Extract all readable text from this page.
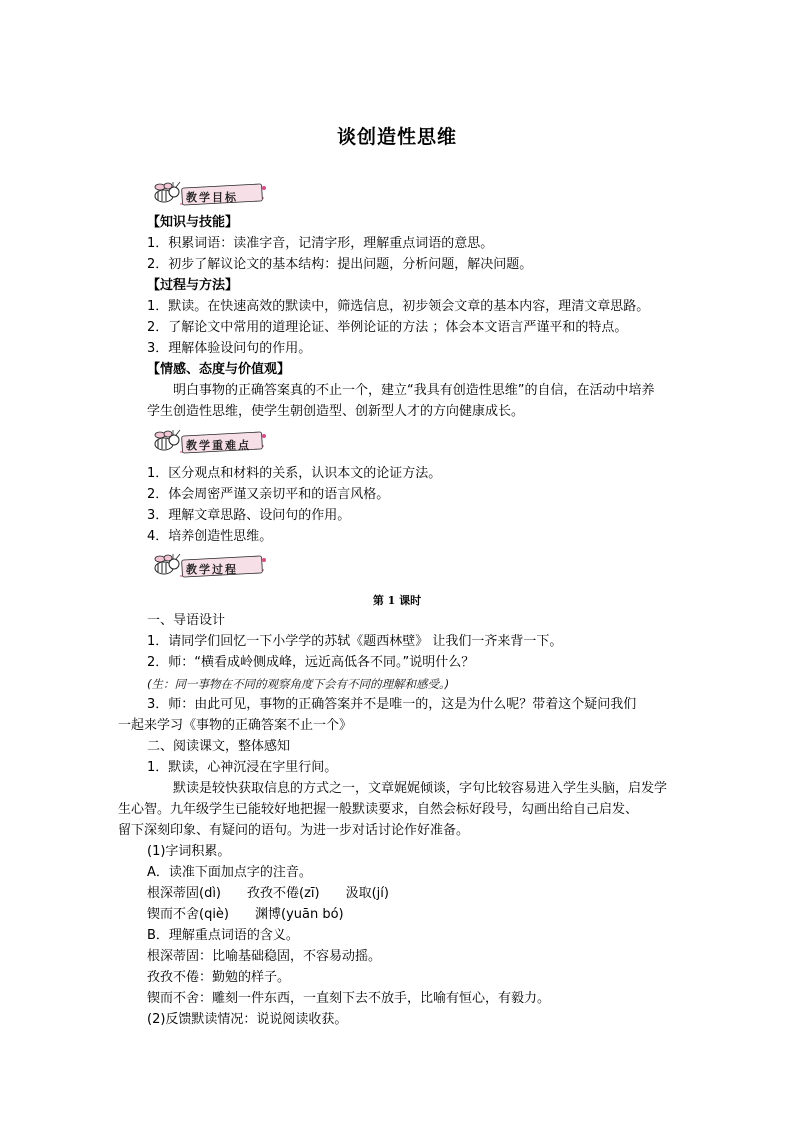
谈创造性思维
教学目标
【知识与技能】
1．积累词语：读准字音，记清字形，理解重点词语的意思。
2．初步了解议论文的基本结构：提出问题，分析问题，解决问题。
【过程与方法】
1．默读。在快速高效的默读中，筛选信息，初步领会文章的基本内容，理清文章思路。
2．了解论文中常用的道理论证、举例论证的方法 ；体会本文语言严谨平和的特点。
3．理解体验设问句的作用。
【情感、态度与价值观】
明白事物的正确答案真的不止一个，建立“我具有创造性思维”的自信，在活动中培养
学生创造性思维，使学生朝创造型、创新型人才的方向健康成长。
教学重难点
1．区分观点和材料的关系，认识本文的论证方法。
2．体会周密严谨又亲切平和的语言风格。
3．理解文章思路、设问句的作用。
4．培养创造性思维。
教学过程
第 1 课时
一、导语设计
1．请同学们回忆一下小学学的苏轼《题西林壁》 让我们一齐来背一下。
2．师：“横看成岭侧成峰，远近高低各不同。”说明什么？
(生：同一事物在不同的观察角度下会有不同的理解和感受。)
3．师：由此可见，事物的正确答案并不是唯一的，这是为什么呢？带着这个疑问我们
一起来学习《事物的正确答案不止一个》
二、阅读课文，整体感知
1．默读，心神沉浸在字里行间。
默读是较快获取信息的方式之一，文章娓娓倾谈，字句比较容易进入学生头脑，启发学
生心智。九年级学生已能较好地把握一般默读要求，自然会标好段号，勾画出给自己启发、
留下深刻印象、有疑问的语句。为进一步对话讨论作好准备。
(1)字词积累。
A．读准下面加点字的注音。
根深蒂固(dì)　　孜孜不倦(zī)　　汲取(jí)
锲而不舍(qiè)　　渊博(yuān bó)
B．理解重点词语的含义。
根深蒂固：比喻基础稳固，不容易动摇。
孜孜不倦：勤勉的样子。
锲而不舍：雕刻一件东西，一直刻下去不放手，比喻有恒心，有毅力。
(2)反馈默读情况：说说阅读收获。
